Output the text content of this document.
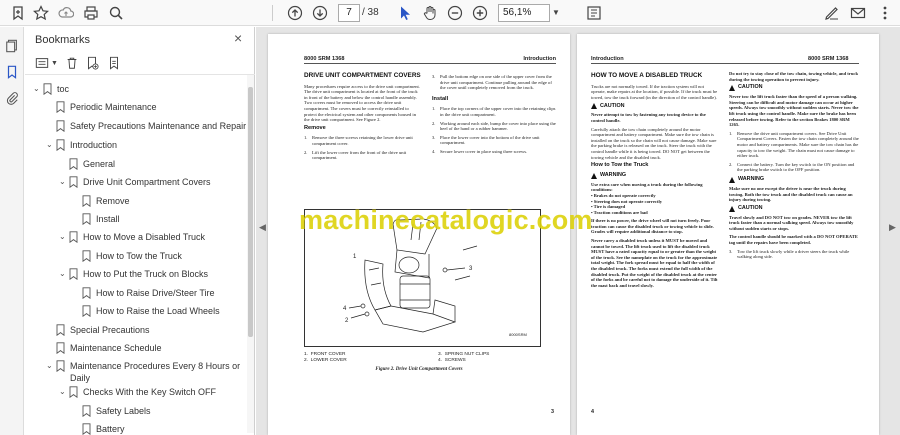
7	/ 38	56,1%	▼
Bookmarks	×
▼
⌄	toc
Periodic Maintenance
Safety Precautions Maintenance and Repair
⌄	Introduction
General
⌄	Drive Unit Compartment Covers
Remove
Install
⌄	How to Move a Disabled Truck
How to Tow the Truck
⌄	How to Put the Truck on Blocks
How to Raise Drive/Steer Tire
How to Raise the Load Wheels
Special Precautions
Maintenance Schedule
⌄	Maintenance Procedures Every 8 Hours or
Daily
⌄	Checks With the Key Switch OFF
Safety Labels
Battery
◀	▶
8000 SRM 1368	Introduction
DRIVE UNIT COMPARTMENT COVERS

Many procedures require access to the drive unit compartment. The drive unit compartment is located at the front of the truck in front of the battery and below the control handle assembly. Two covers must be removed to access the drive unit compartment. The covers must be correctly reinstalled to protect the electrical system and other components housed in the drive unit compartment. See Figure 2.

Remove
1. Remove the three screws retaining the lower drive unit compartment cover.
2. Lift the lower cover from the front of the drive unit compartment.
3. Pull the bottom edge on one side of the upper cover from the drive unit compartment. Continue pulling around the edge of the cover until completely removed from the truck.
Install
1. Place the top corners of the upper cover into the retaining clips in the drive unit compartment.
2. Working around each side, bump the cover into place using the heel of the hand or a rubber hammer.
3. Place the lower cover into the bottom of the drive unit compartment.
4. Secure lower cover in place using three screws.
1
2
3
4
8000SRM
1. FRONT COVER
2. LOWER COVER
3. SPRING NUT CLIPS
4. SCREWS
Figure 2. Drive Unit Compartment Covers
3
Introduction	8000 SRM 1368
HOW TO MOVE A DISABLED TRUCK

Trucks are not normally towed. If the traction system will not operate, make repairs at the location, if possible. If the truck must be towed, tow the truck forward (in the direction of the control handle).

CAUTION

Never attempt to tow by fastening any towing device to the control handle.

Carefully attach the tow chain completely around the motor compartment and battery compartment. Make sure the tow chain is installed on the truck so the chain will not cause damage. Make sure the parking brake is released on the truck. Steer the truck with the control handle while it is being towed. DO NOT get between the towing vehicle and the disabled truck.

How to Tow the Truck
WARNING

Use extra care when moving a truck during the following conditions:

• Brakes do not operate correctly
• Steering does not operate correctly
• Tire is damaged
• Traction conditions are bad

If there is no power, the drive wheel will not turn freely. Poor traction can cause the disabled truck or towing vehicle to slide. Grades will require additional distance to stop.

Never carry a disabled truck unless it MUST be moved and cannot be towed. The lift truck used to lift the disabled truck MUST have a rated capacity equal to or greater than the weight of the truck. See the nameplate on the truck for the approximate total weight. The fork spread must be equal to half the width of the disabled truck. The forks must extend the full width of the disabled truck. Put the weight of the disabled truck at the center of the forks and be careful not to damage the underside of it. Tilt the mast back and travel slowly.

Do not try to stay close of the tow chain, towing vehicle, and truck during the towing operation to prevent injury.

CAUTION

Never tow the lift truck faster than the speed of a person walking. Steering can be difficult and motor damage can occur at higher speeds. Always tow smoothly without sudden starts. Never tow the lift truck using the control handle. Make sure the brake has been released before towing. Refer to the section Brakes 1800 SRM 1265.

1. Remove the drive unit compartment covers. See Drive Unit Compartment Covers. Fasten the tow chain completely around the motor and battery compartments. Make sure the tow chain has the capacity to tow the weight. The chain must not cause damage to either truck.
2. Connect the battery. Turn the key switch to the ON position and the parking brake switch to the OFF position.
WARNING

Make sure no one except the driver is near the truck during towing. Both the tow truck and the disabled truck can cause an injury during towing.

CAUTION

Travel slowly and DO NOT tow on grades. NEVER tow the lift truck faster than a normal walking speed. Always tow smoothly without sudden starts or stops.

The control handle should be marked with a DO NOT OPERATE tag until the repairs have been completed.

3. Tow the lift truck slowly while a driver steers the truck while walking along side.
4
machinecatalogic.com
